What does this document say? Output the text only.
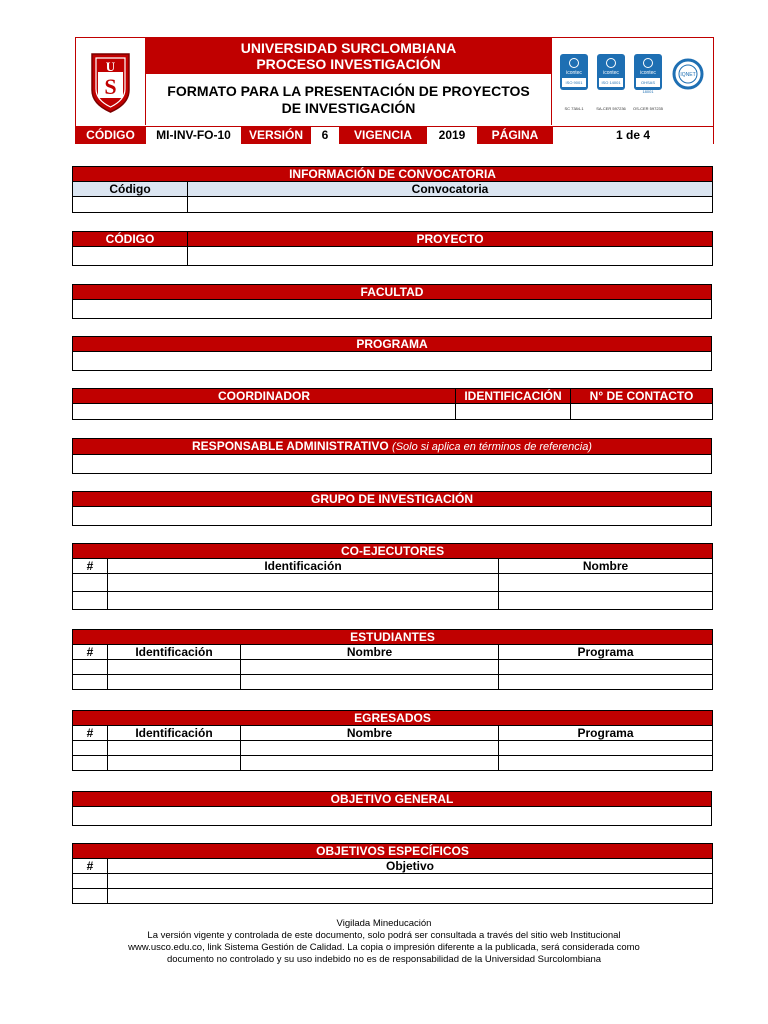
S
U
UNIVERSIDAD SURCLOMBIANA
PROCESO INVESTIGACIÓN
FORMATO PARA LA PRESENTACIÓN DE PROYECTOS
DE INVESTIGACIÓN
icontec
ISO 9001
SC 7384-1
icontec
ISO 14001
SA-CER 597236
icontec
OHSAS 18001
OS-CER 597235
IQNET
CÓDIGO	MI-INV-FO-10	VERSIÓN	6	VIGENCIA	2019	PÁGINA	1 de 4
INFORMACIÓN DE CONVOCATORIA	
Código	Convocatoria

CÓDIGO	PROYECTO

FACULTAD

PROGRAMA

COORDINADOR	IDENTIFICACIÓN	N° DE CONTACTO

RESPONSABLE ADMINISTRATIVO (Solo si aplica en términos de referencia)

GRUPO DE INVESTIGACIÓN

CO-EJECUTORES		
#	Identificación	Nombre

ESTUDIANTES			
#	Identificación	Nombre	Programa

EGRESADOS			
#	Identificación	Nombre	Programa

OBJETIVO GENERAL

OBJETIVOS ESPECÍFICOS	
#	Objetivo

Vigilada Mineducación
La versión vigente y controlada de este documento, solo podrá ser consultada a través del sitio web Institucional
www.usco.edu.co, link Sistema Gestión de Calidad. La copia o impresión diferente a la publicada, será considerada como
documento no controlado y su uso indebido no es de responsabilidad de la Universidad Surcolombiana
